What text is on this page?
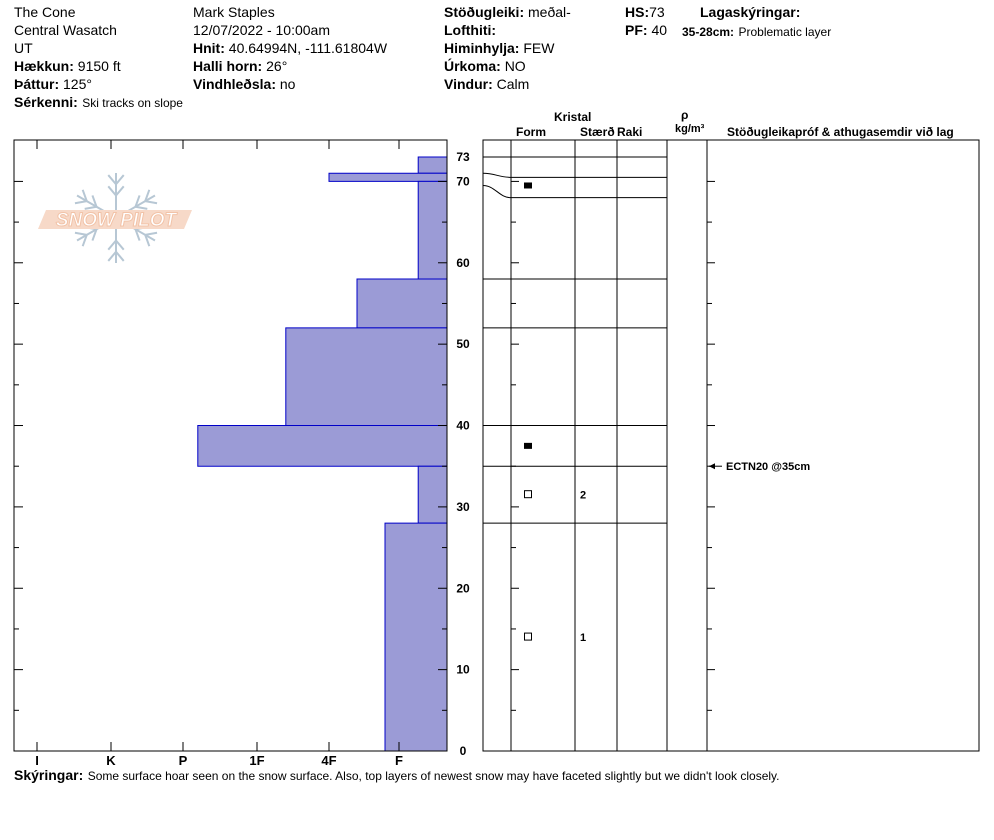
The Cone
Central Wasatch
UT
Hækkun: 9150 ft
Þáttur: 125°
Sérkenni: Ski tracks on slope
Mark Staples
12/07/2022 - 10:00am
Hnit: 40.64994N, -111.61804W
Halli horn: 26°
Vindhleðsla: no
Stöðugleiki: meðal-
Lofthiti:
Himinhylja: FEW
Úrkoma: NO
Vindur: Calm
HS:73
PF: 40
Lagaskýringar:
35-28cm: Problematic layer
Kristal
Form	Stærð Raki
ρ
kg/m³ Stöðugleikapróf & athugasemdir við lag
SNOW PILOT
I	K	P	1F	4F	F
0
10
20
30
40
50
60
70
73
2
1
ECTN20 @35cm
Skýringar: Some surface hoar seen on the snow surface. Also, top layers of newest snow may have faceted slightly but we didn't look closely.
